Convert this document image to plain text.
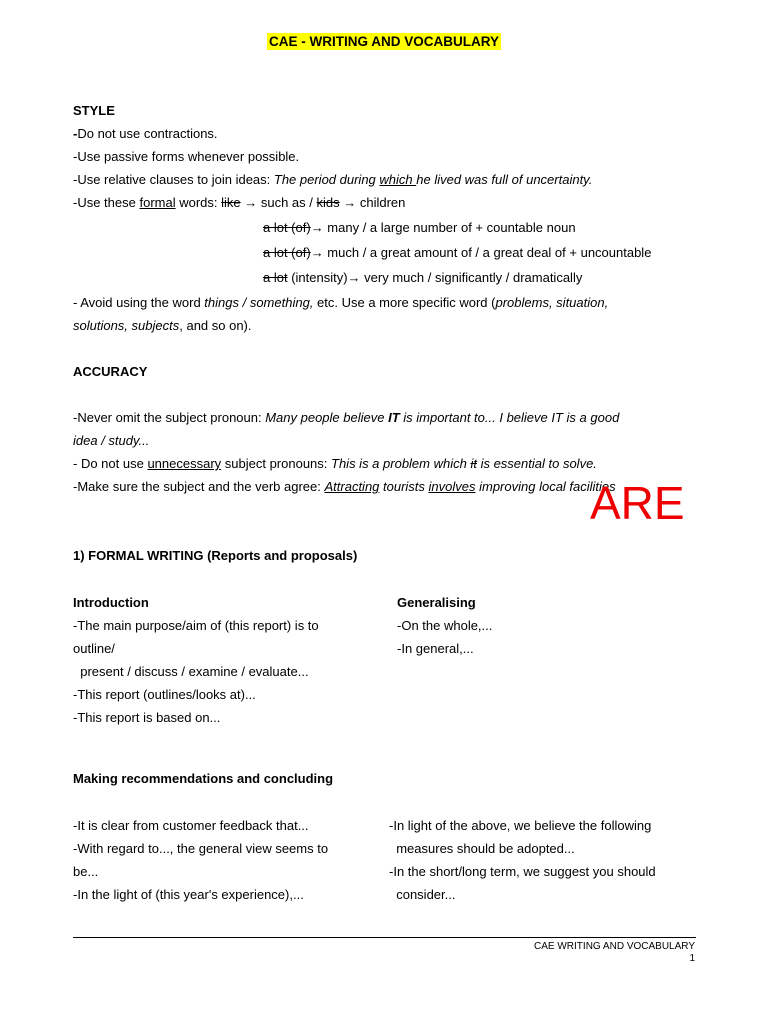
CAE - WRITING AND VOCABULARY
STYLE
-Do not use contractions.
-Use passive forms whenever possible.
-Use relative clauses to join ideas: The period during which he lived was full of uncertainty.
-Use these formal words: like → such as / kids → children
a lot (of)→ many / a large number of + countable noun
a lot (of)→ much / a great amount of / a great deal of + uncountable
a lot (intensity)→ very much / significantly / dramatically
- Avoid using the word things / something, etc. Use a more specific word (problems, situation,
solutions, subjects, and so on).
ACCURACY
-Never omit the subject pronoun: Many people believe IT is important to... I believe IT is a good
idea / study...
- Do not use unnecessary subject pronouns: This is a problem which it is essential to solve.
-Make sure the subject and the verb agree: Attracting tourists involves improving local facilities
ARE
1) FORMAL WRITING (Reports and proposals)
Introduction
-The main purpose/aim of (this report) is to
outline/
present / discuss / examine / evaluate...
-This report (outlines/looks at)...
-This report is based on...
Generalising
-On the whole,...
-In general,...
Making recommendations and concluding
-It is clear from customer feedback that...
-With regard to..., the general view seems to
be...
-In the light of (this year's experience),...
-In light of the above, we believe the following
measures should be adopted...
-In the short/long term, we suggest you should
consider...
CAE WRITING AND VOCABULARY
1
